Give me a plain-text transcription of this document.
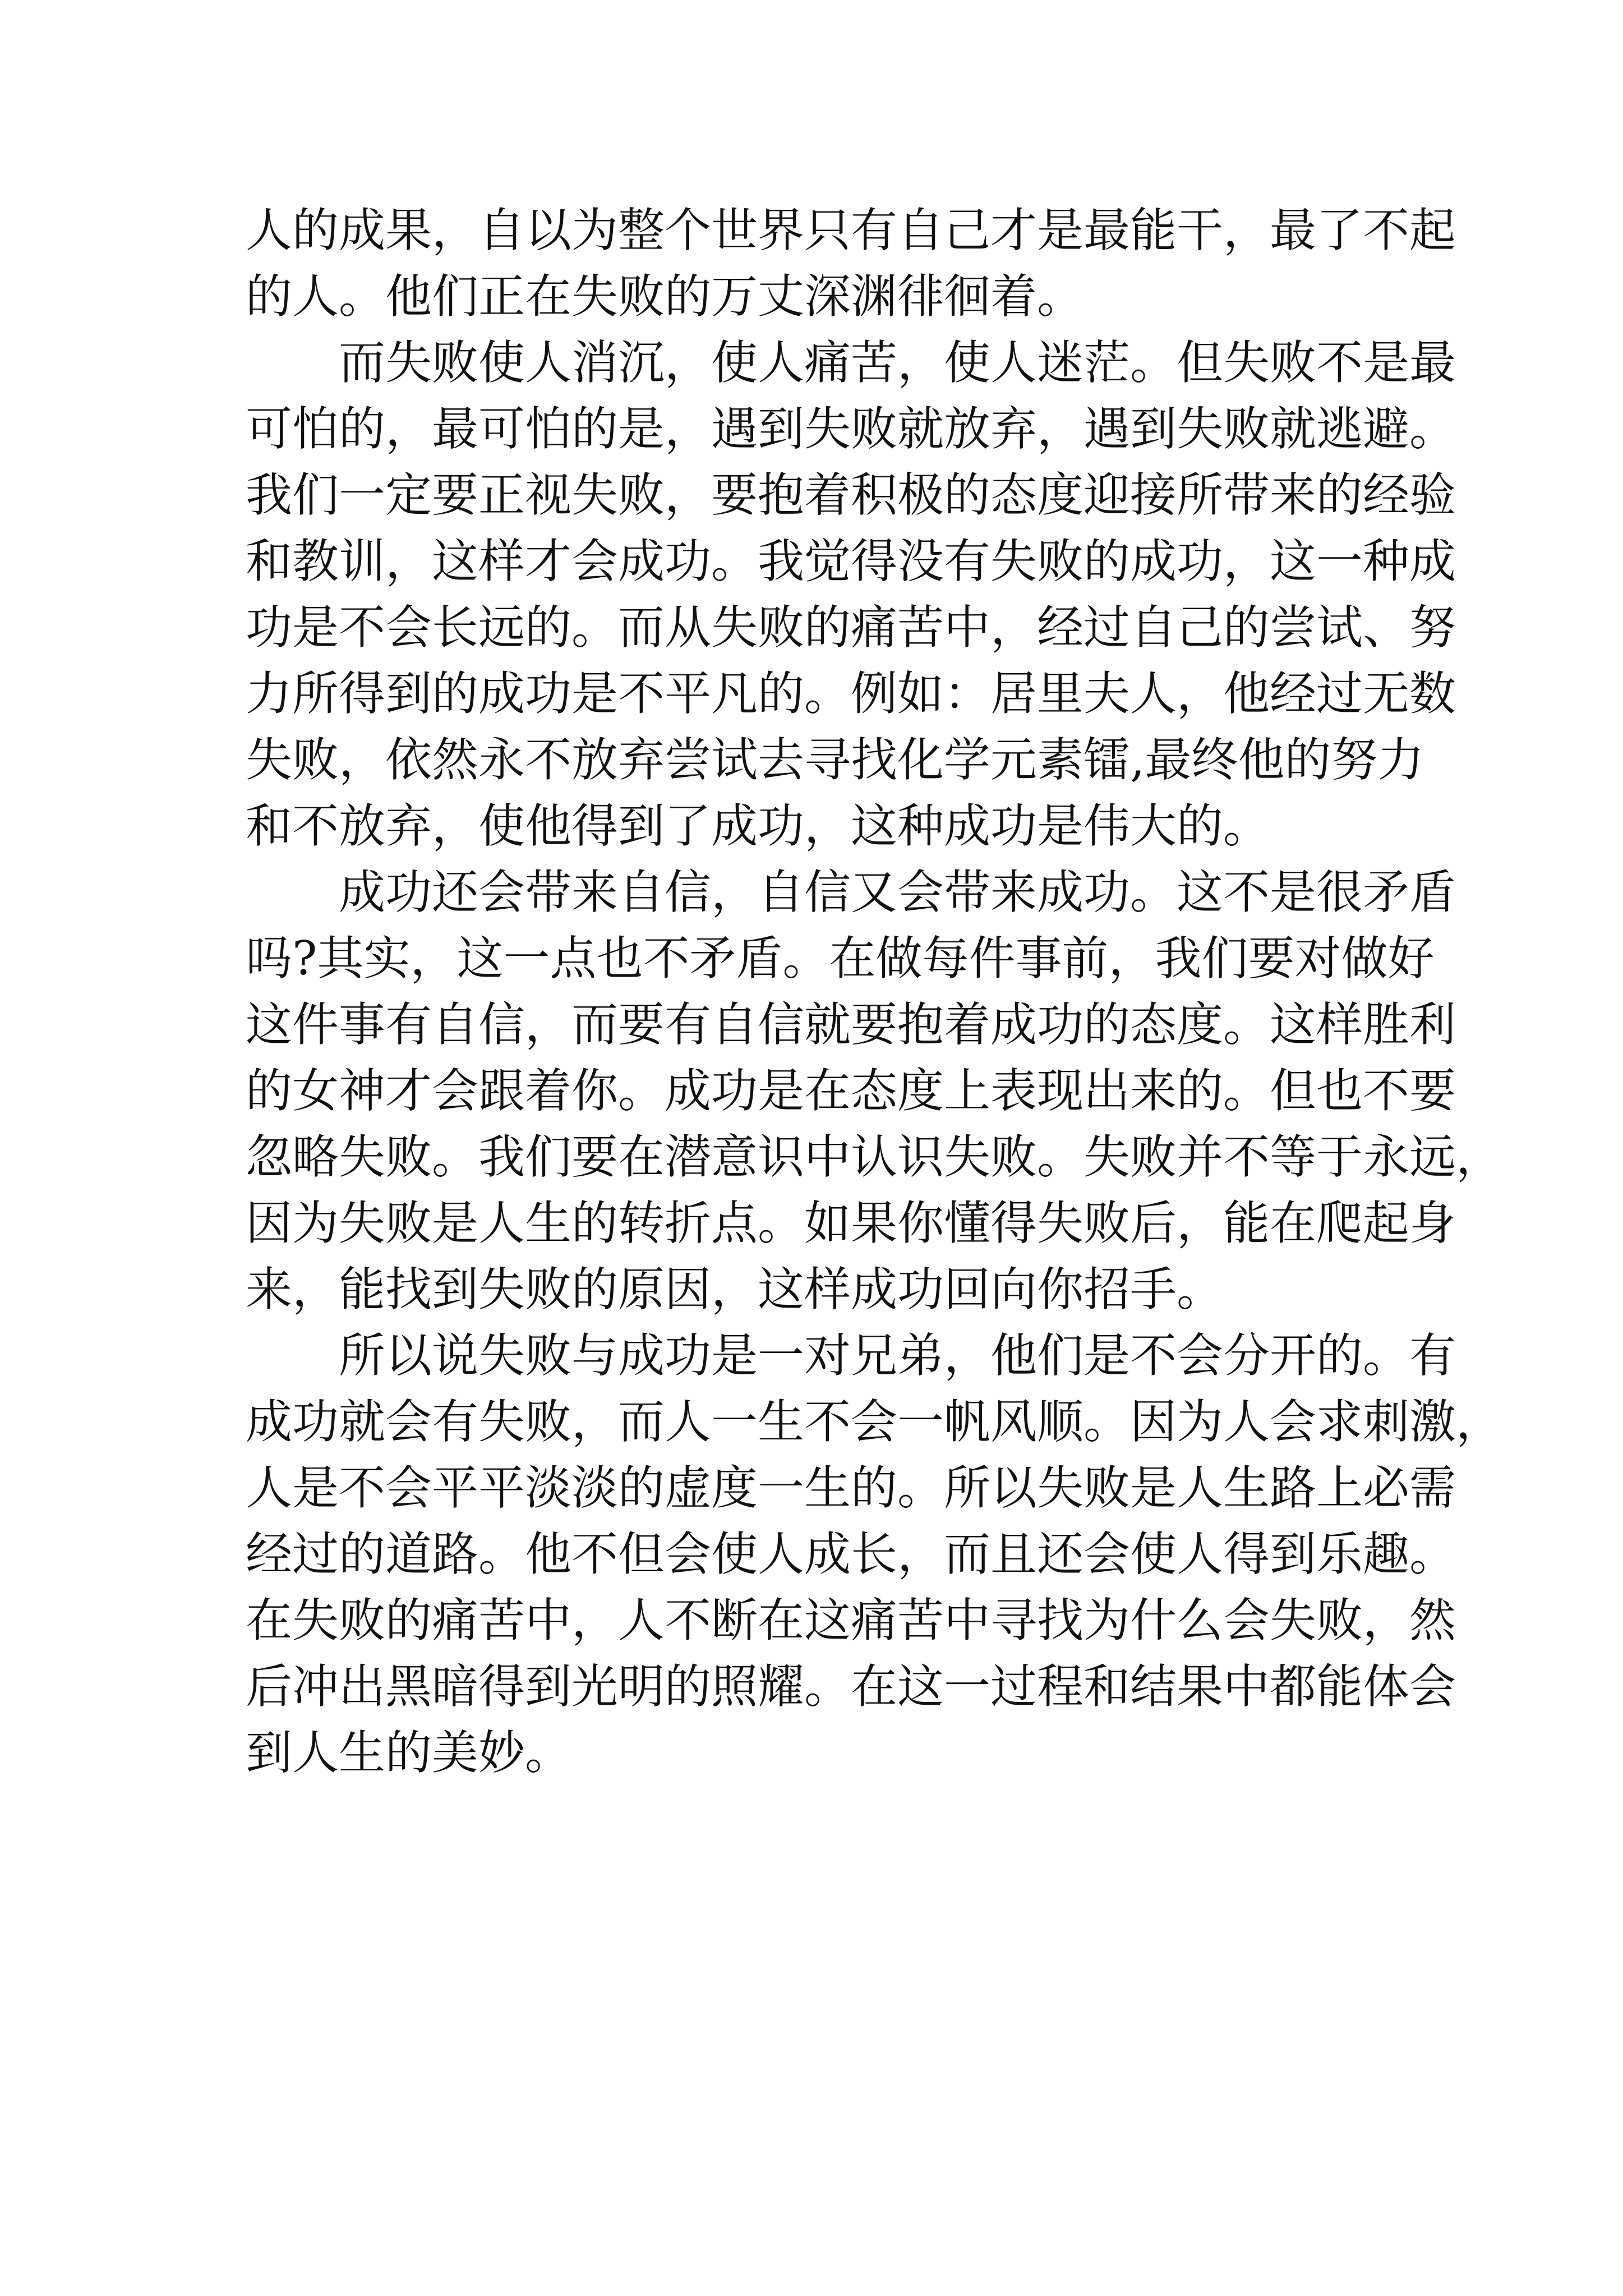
人的成果，自以为整个世界只有自己才是最能干，最了不起
的人。他们正在失败的万丈深渊徘徊着。
而失败使人消沉，使人痛苦，使人迷茫。但失败不是最
可怕的，最可怕的是，遇到失败就放弃，遇到失败就逃避。
我们一定要正视失败，要抱着积极的态度迎接所带来的经验
和教训，这样才会成功。我觉得没有失败的成功，这一种成
功是不会长远的。而从失败的痛苦中，经过自己的尝试、努
力所得到的成功是不平凡的。例如：居里夫人，他经过无数
失败，依然永不放弃尝试去寻找化学元素镭,最终他的努力
和不放弃，使他得到了成功，这种成功是伟大的。
成功还会带来自信，自信又会带来成功。这不是很矛盾
吗?其实，这一点也不矛盾。在做每件事前，我们要对做好
这件事有自信，而要有自信就要抱着成功的态度。这样胜利
的女神才会跟着你。成功是在态度上表现出来的。但也不要
忽略失败。我们要在潜意识中认识失败。失败并不等于永远，
因为失败是人生的转折点。如果你懂得失败后，能在爬起身
来，能找到失败的原因，这样成功回向你招手。
所以说失败与成功是一对兄弟，他们是不会分开的。有
成功就会有失败，而人一生不会一帆风顺。因为人会求刺激，
人是不会平平淡淡的虚度一生的。所以失败是人生路上必需
经过的道路。他不但会使人成长，而且还会使人得到乐趣。
在失败的痛苦中，人不断在这痛苦中寻找为什么会失败，然
后冲出黑暗得到光明的照耀。在这一过程和结果中都能体会
到人生的美妙。
